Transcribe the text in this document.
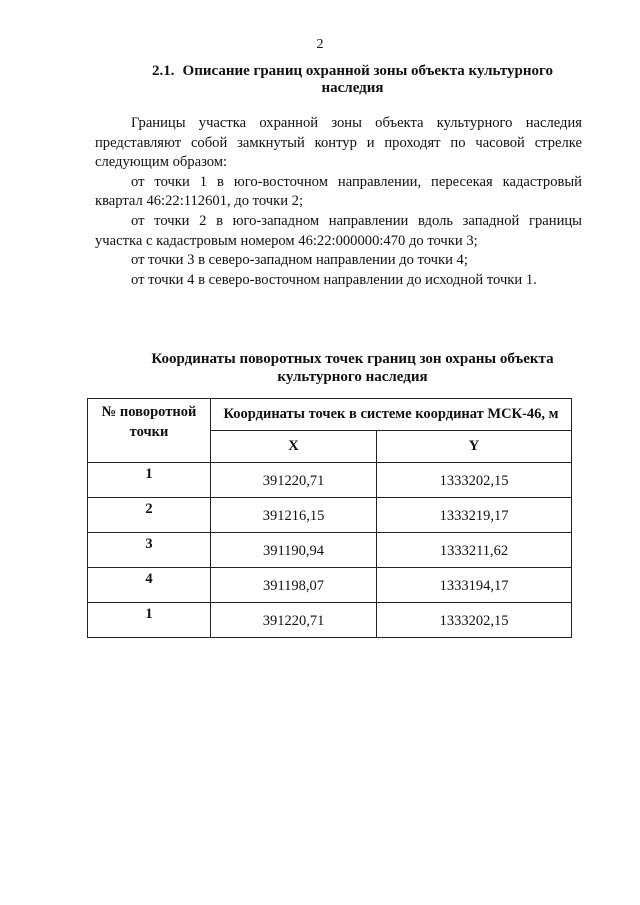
2
2.1. Описание границ охранной зоны объекта культурного наследия

Границы участка охранной зоны объекта культурного наследия представляют собой замкнутый контур и проходят по часовой стрелке следующим образом:

от точки 1 в юго-восточном направлении, пересекая кадастровый квартал 46:22:112601, до точки 2;

от точки 2 в юго-западном направлении вдоль западной границы участка с кадастровым номером 46:22:000000:470 до точки 3;

от точки 3 в северо-западном направлении до точки 4;

от точки 4 в северо-восточном направлении до исходной точки 1.

Координаты поворотных точек границ зон охраны объекта культурного наследия
№ поворотной точки	Координаты точек в системе координат МСК-46, м	
	X	Y
1	391220,71	1333202,15
2	391216,15	1333219,17
3	391190,94	1333211,62
4	391198,07	1333194,17
1	391220,71	1333202,15
